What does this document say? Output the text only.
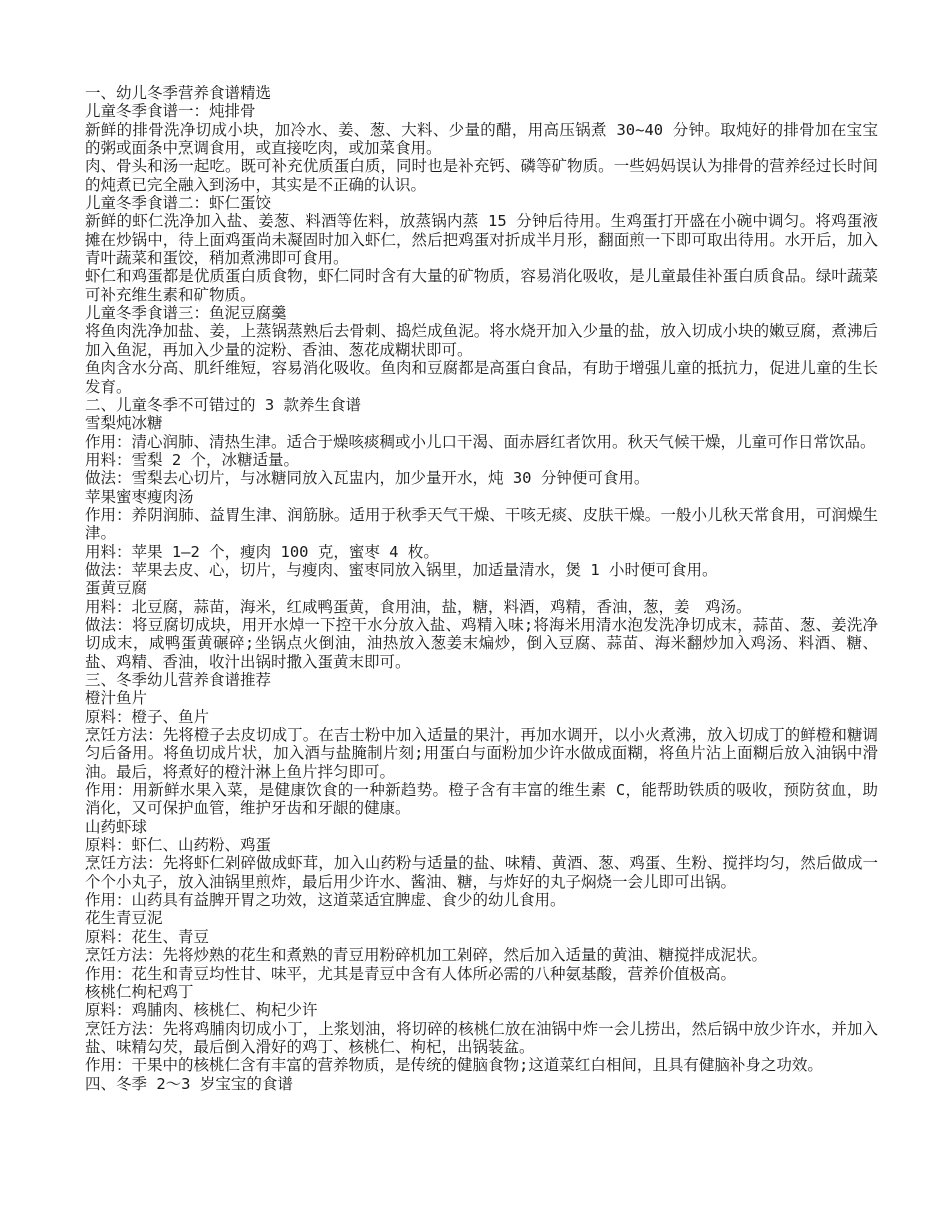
一、幼儿冬季营养食谱精选

儿童冬季食谱一：炖排骨

新鲜的排骨洗净切成小块，加冷水、姜、葱、大料、少量的醋，用高压锅煮 30~40 分钟。取炖好的排骨加在宝宝的粥或面条中烹调食用，或直接吃肉，或加菜食用。

肉、骨头和汤一起吃。既可补充优质蛋白质，同时也是补充钙、磷等矿物质。一些妈妈误认为排骨的营养经过长时间的炖煮已完全融入到汤中，其实是不正确的认识。

儿童冬季食谱二：虾仁蛋饺

新鲜的虾仁洗净加入盐、姜葱、料酒等佐料，放蒸锅内蒸 15 分钟后待用。生鸡蛋打开盛在小碗中调匀。将鸡蛋液摊在炒锅中，待上面鸡蛋尚未凝固时加入虾仁，然后把鸡蛋对折成半月形，翻面煎一下即可取出待用。水开后，加入青叶蔬菜和蛋饺，稍加煮沸即可食用。

虾仁和鸡蛋都是优质蛋白质食物，虾仁同时含有大量的矿物质，容易消化吸收，是儿童最佳补蛋白质食品。绿叶蔬菜可补充维生素和矿物质。

儿童冬季食谱三：鱼泥豆腐羹

将鱼肉洗净加盐、姜，上蒸锅蒸熟后去骨刺、捣烂成鱼泥。将水烧开加入少量的盐，放入切成小块的嫩豆腐，煮沸后加入鱼泥，再加入少量的淀粉、香油、葱花成糊状即可。

鱼肉含水分高、肌纤维短，容易消化吸收。鱼肉和豆腐都是高蛋白食品，有助于增强儿童的抵抗力，促进儿童的生长发育。

二、儿童冬季不可错过的 3 款养生食谱

雪梨炖冰糖

作用：清心润肺、清热生津。适合于燥咳痰稠或小儿口干渴、面赤唇红者饮用。秋天气候干燥，儿童可作日常饮品。

用料：雪梨 2 个，冰糖适量。

做法：雪梨去心切片，与冰糖同放入瓦盅内，加少量开水，炖 30 分钟便可食用。

苹果蜜枣瘦肉汤

作用：养阴润肺、益胃生津、润筋脉。适用于秋季天气干燥、干咳无痰、皮肤干燥。一般小儿秋天常食用，可润燥生津。

用料：苹果 1—2 个，瘦肉 100 克，蜜枣 4 枚。

做法：苹果去皮、心，切片，与瘦肉、蜜枣同放入锅里，加适量清水，煲 1 小时便可食用。

蛋黄豆腐

用料：北豆腐，蒜苗，海米，红咸鸭蛋黄，食用油，盐，糖，料酒，鸡精，香油，葱，姜　鸡汤。

做法：将豆腐切成块，用开水焯一下控干水分放入盐、鸡精入味;将海米用清水泡发洗净切成末，蒜苗、葱、姜洗净切成末，咸鸭蛋黄碾碎;坐锅点火倒油，油热放入葱姜末煸炒，倒入豆腐、蒜苗、海米翻炒加入鸡汤、料酒、糖、盐、鸡精、香油，收汁出锅时撒入蛋黄末即可。

三、冬季幼儿营养食谱推荐

橙汁鱼片

原料：橙子、鱼片

烹饪方法：先将橙子去皮切成丁。在吉士粉中加入适量的果汁，再加水调开，以小火煮沸，放入切成丁的鲜橙和糖调匀后备用。将鱼切成片状，加入酒与盐腌制片刻;用蛋白与面粉加少许水做成面糊，将鱼片沾上面糊后放入油锅中滑油。最后，将煮好的橙汁淋上鱼片拌匀即可。

作用：用新鲜水果入菜，是健康饮食的一种新趋势。橙子含有丰富的维生素 C，能帮助铁质的吸收，预防贫血，助消化，又可保护血管，维护牙齿和牙龈的健康。

山药虾球

原料：虾仁、山药粉、鸡蛋

烹饪方法：先将虾仁剁碎做成虾茸，加入山药粉与适量的盐、味精、黄酒、葱、鸡蛋、生粉、搅拌均匀，然后做成一个个小丸子，放入油锅里煎炸，最后用少许水、酱油、糖，与炸好的丸子焖烧一会儿即可出锅。

作用：山药具有益脾开胃之功效，这道菜适宜脾虚、食少的幼儿食用。

花生青豆泥

原料：花生、青豆

烹饪方法：先将炒熟的花生和煮熟的青豆用粉碎机加工剁碎，然后加入适量的黄油、糖搅拌成泥状。

作用：花生和青豆均性甘、味平，尤其是青豆中含有人体所必需的八种氨基酸，营养价值极高。

核桃仁枸杞鸡丁

原料：鸡脯肉、核桃仁、枸杞少许

烹饪方法：先将鸡脯肉切成小丁，上浆划油，将切碎的核桃仁放在油锅中炸一会儿捞出，然后锅中放少许水，并加入盐、味精勾芡，最后倒入滑好的鸡丁、核桃仁、枸杞，出锅装盆。

作用：干果中的核桃仁含有丰富的营养物质，是传统的健脑食物;这道菜红白相间，且具有健脑补身之功效。

四、冬季 2～3 岁宝宝的食谱
